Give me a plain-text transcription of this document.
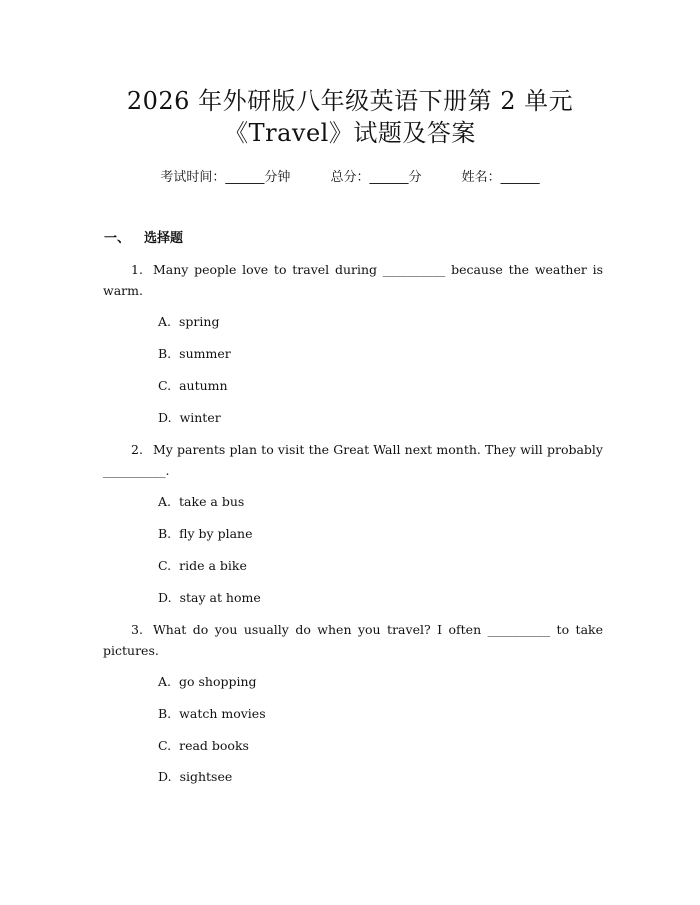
2026 年外研版八年级英语下册第 2 单元
《Travel》试题及答案
考试时间：______分钟	总分：______分	姓名：______
一、 选择题
1. Many people love to travel during __________ because the weather is warm.
A. spring
B. summer
C. autumn
D. winter
2. My parents plan to visit the Great Wall next month. They will probably __________.
A. take a bus
B. fly by plane
C. ride a bike
D. stay at home
3. What do you usually do when you travel? I often __________ to take pictures.
A. go shopping
B. watch movies
C. read books
D. sightsee
